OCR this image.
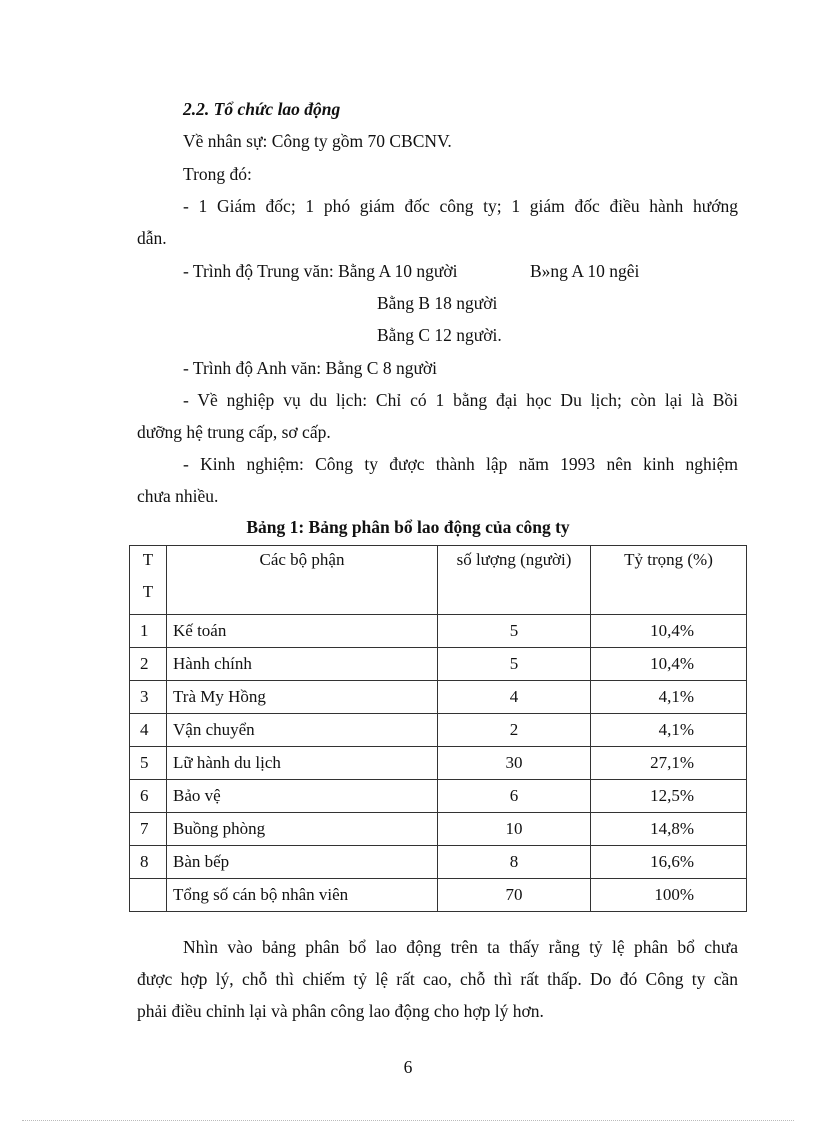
2.2. Tổ chức lao động
Về nhân sự: Công ty gồm 70 CBCNV.
Trong đó:
- 1 Giám đốc; 1 phó giám đốc công ty; 1 giám đốc điều hành hướng
dẫn.
- Trình độ Trung văn: Bằng A 10 người	B»ng A 10 ngêi
Bằng B 18 người
Bằng C 12 người.
- Trình độ Anh văn: Bằng C 8 người
- Về nghiệp vụ du lịch: Chỉ có 1 bằng đại học Du lịch; còn lại là Bồi
dưỡng hệ trung cấp, sơ cấp.
- Kinh nghiệm: Công ty được thành lập năm 1993 nên kinh nghiệm
chưa nhiều.
Bảng 1: Bảng phân bổ lao động của công ty
T
T	Các bộ phận	số lượng (người)	Tỷ trọng (%)
1	Kế toán	5	10,4%
2	Hành chính	5	10,4%
3	Trà My Hồng	4	4,1%
4	Vận chuyển	2	4,1%
5	Lữ hành du lịch	30	27,1%
6	Bảo vệ	6	12,5%
7	Buồng phòng	10	14,8%
8	Bàn bếp	8	16,6%
	Tổng số cán bộ nhân viên	70	100%
Nhìn vào bảng phân bổ lao động trên ta thấy rằng tỷ lệ phân bổ chưa
được hợp lý, chỗ thì chiếm tỷ lệ rất cao, chỗ thì rất thấp. Do đó Công ty cần
phải điều chỉnh lại và phân công lao động cho hợp lý hơn.
6
